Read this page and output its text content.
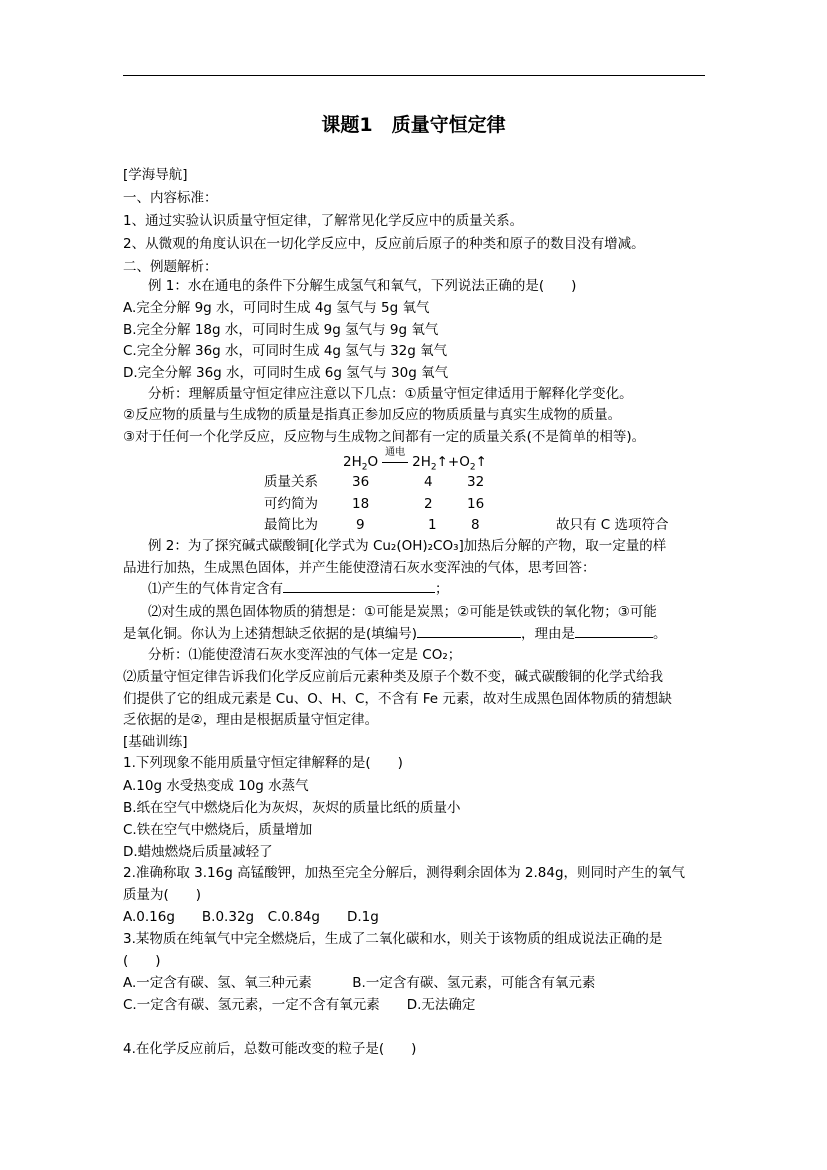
课题1　质量守恒定律
[学海导航]
一、内容标准：
1、通过实验认识质量守恒定律，了解常见化学反应中的质量关系。
2、从微观的角度认识在一切化学反应中，反应前后原子的种类和原子的数目没有增减。
二、例题解析：
例 1：水在通电的条件下分解生成氢气和氧气，下列说法正确的是(　　)
A.完全分解 9g 水，可同时生成 4g 氢气与 5g 氧气
B.完全分解 18g 水，可同时生成 9g 氢气与 9g 氧气
C.完全分解 36g 水，可同时生成 4g 氢气与 32g 氧气
D.完全分解 36g 水，可同时生成 6g 氢气与 30g 氧气
分析：理解质量守恒定律应注意以下几点：①质量守恒定律适用于解释化学变化。
②反应物的质量与生成物的质量是指真正参加反应的物质质量与真实生成物的质量。
③对于任何一个化学反应，反应物与生成物之间都有一定的质量关系(不是简单的相等)。
例 2：为了探究碱式碳酸铜[化学式为 Cu₂(OH)₂CO₃]加热后分解的产物，取一定量的样
品进行加热，生成黑色固体，并产生能使澄清石灰水变浑浊的气体，思考回答：
⑵对生成的黑色固体物质的猜想是：①可能是炭黑；②可能是铁或铁的氧化物；③可能
分析：⑴能使澄清石灰水变浑浊的气体一定是 CO₂；
⑵质量守恒定律告诉我们化学反应前后元素种类及原子个数不变，碱式碳酸铜的化学式给我
们提供了它的组成元素是 Cu、O、H、C，不含有 Fe 元素，故对生成黑色固体物质的猜想缺
乏依据的是②，理由是根据质量守恒定律。
[基础训练]
1.下列现象不能用质量守恒定律解释的是(　　)
A.10g 水受热变成 10g 水蒸气
B.纸在空气中燃烧后化为灰烬，灰烬的质量比纸的质量小
C.铁在空气中燃烧后，质量增加
D.蜡烛燃烧后质量减轻了
2.准确称取 3.16g 高锰酸钾，加热至完全分解后，测得剩余固体为 2.84g，则同时产生的氧气
质量为(　　)
A.0.16g　　B.0.32g　C.0.84g　　D.1g
3.某物质在纯氧气中完全燃烧后，生成了二氧化碳和水，则关于该物质的组成说法正确的是
(　　)
A.一定含有碳、氢、氧三种元素　　　B.一定含有碳、氢元素，可能含有氧元素
C.一定含有碳、氢元素，一定不含有氧元素　　D.无法确定
4.在化学反应前后，总数可能改变的粒子是(　　)
$2H_2O$
通电
$2H_2↑+O_2↑$
质量关系	36	4	32
可约简为	18	2	16
最简比为	9	1	8	故只有 C 选项符合
⑴产生的气体肯定含有	；
是氧化铜。你认为上述猜想缺乏依据的是(填编号)	，理由是	。
